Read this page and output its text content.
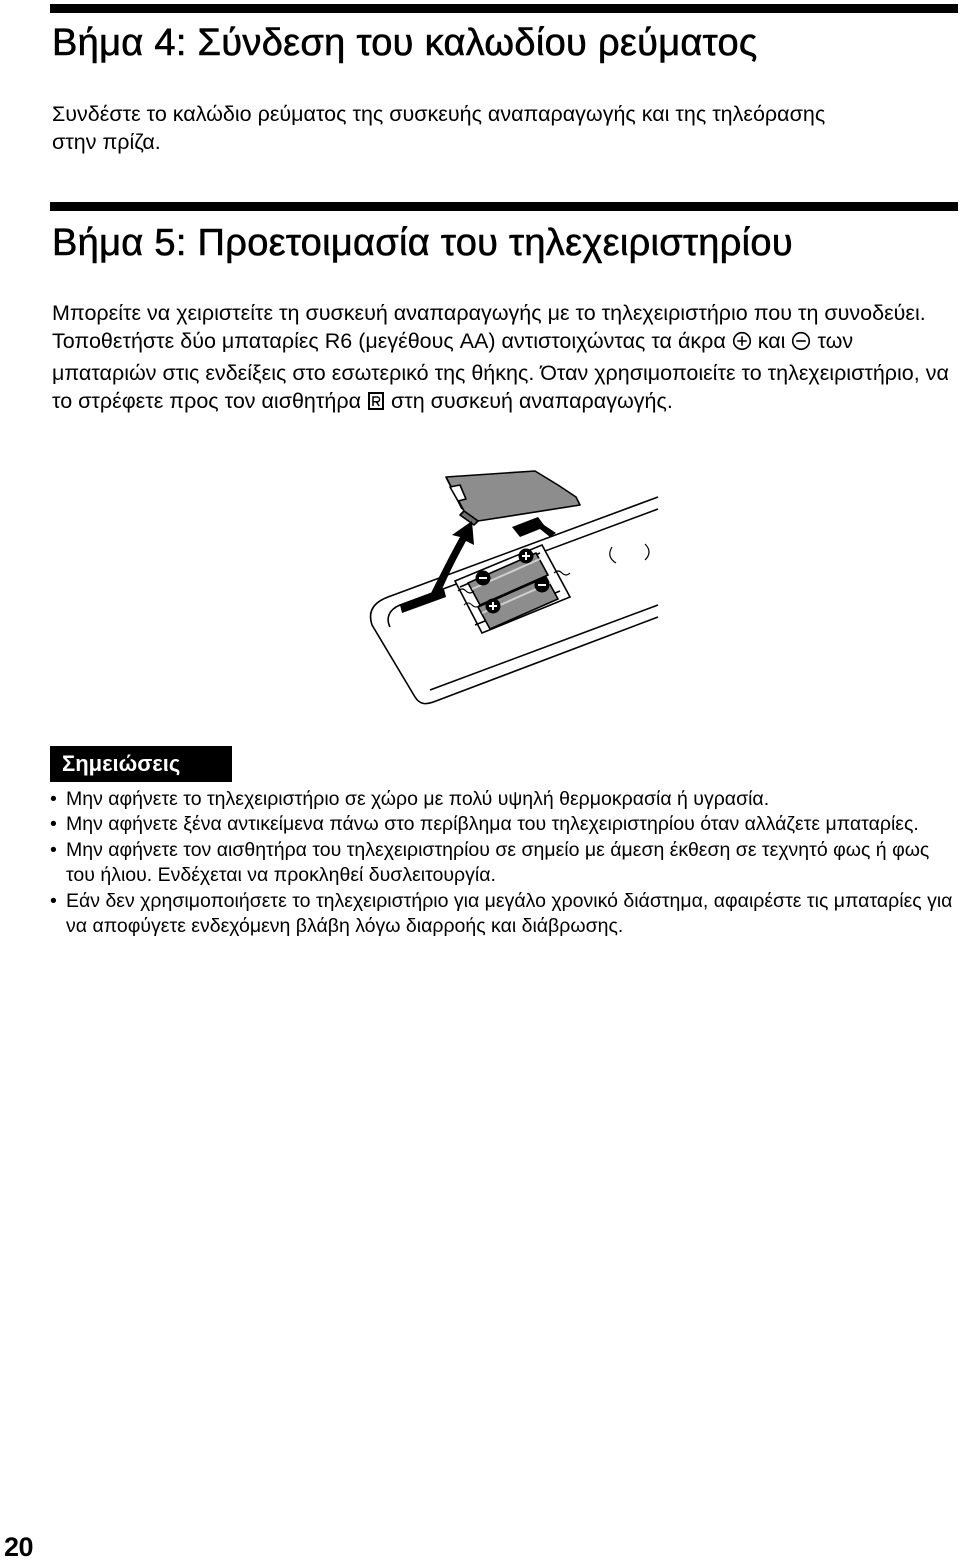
Βήμα 4: Σύνδεση του καλωδίου ρεύματος

Συνδέστε το καλώδιο ρεύματος της συσκευής αναπαραγωγής και της τηλεόρασης στην πρίζα.

Βήμα 5: Προετοιμασία του τηλεχειριστηρίου

Μπορείτε να χειριστείτε τη συσκευή αναπαραγωγής με το τηλεχειριστήριο που τη συνοδεύει. Τοποθετήστε δύο μπαταρίες R6 (μεγέθους AA) αντιστοιχώντας τα άκρα και των μπαταριών στις ενδείξεις στο εσωτερικό της θήκης. Όταν χρησιμοποιείτε το τηλεχειριστήριο, να το στρέφετε προς τον αισθητήρα στη συσκευή αναπαραγωγής.

Σημειώσεις
• Μην αφήνετε το τηλεχειριστήριο σε χώρο με πολύ υψηλή θερμοκρασία ή υγρασία.
• Μην αφήνετε ξένα αντικείμενα πάνω στο περίβλημα του τηλεχειριστηρίου όταν αλλάζετε μπαταρίες.
• Μην αφήνετε τον αισθητήρα του τηλεχειριστηρίου σε σημείο με άμεση έκθεση σε τεχνητό φως ή φως του ήλιου. Ενδέχεται να προκληθεί δυσλειτουργία.
• Εάν δεν χρησιμοποιήσετε το τηλεχειριστήριο για μεγάλο χρονικό διάστημα, αφαιρέστε τις μπαταρίες για να αποφύγετε ενδεχόμενη βλάβη λόγω διαρροής και διάβρωσης.
20
